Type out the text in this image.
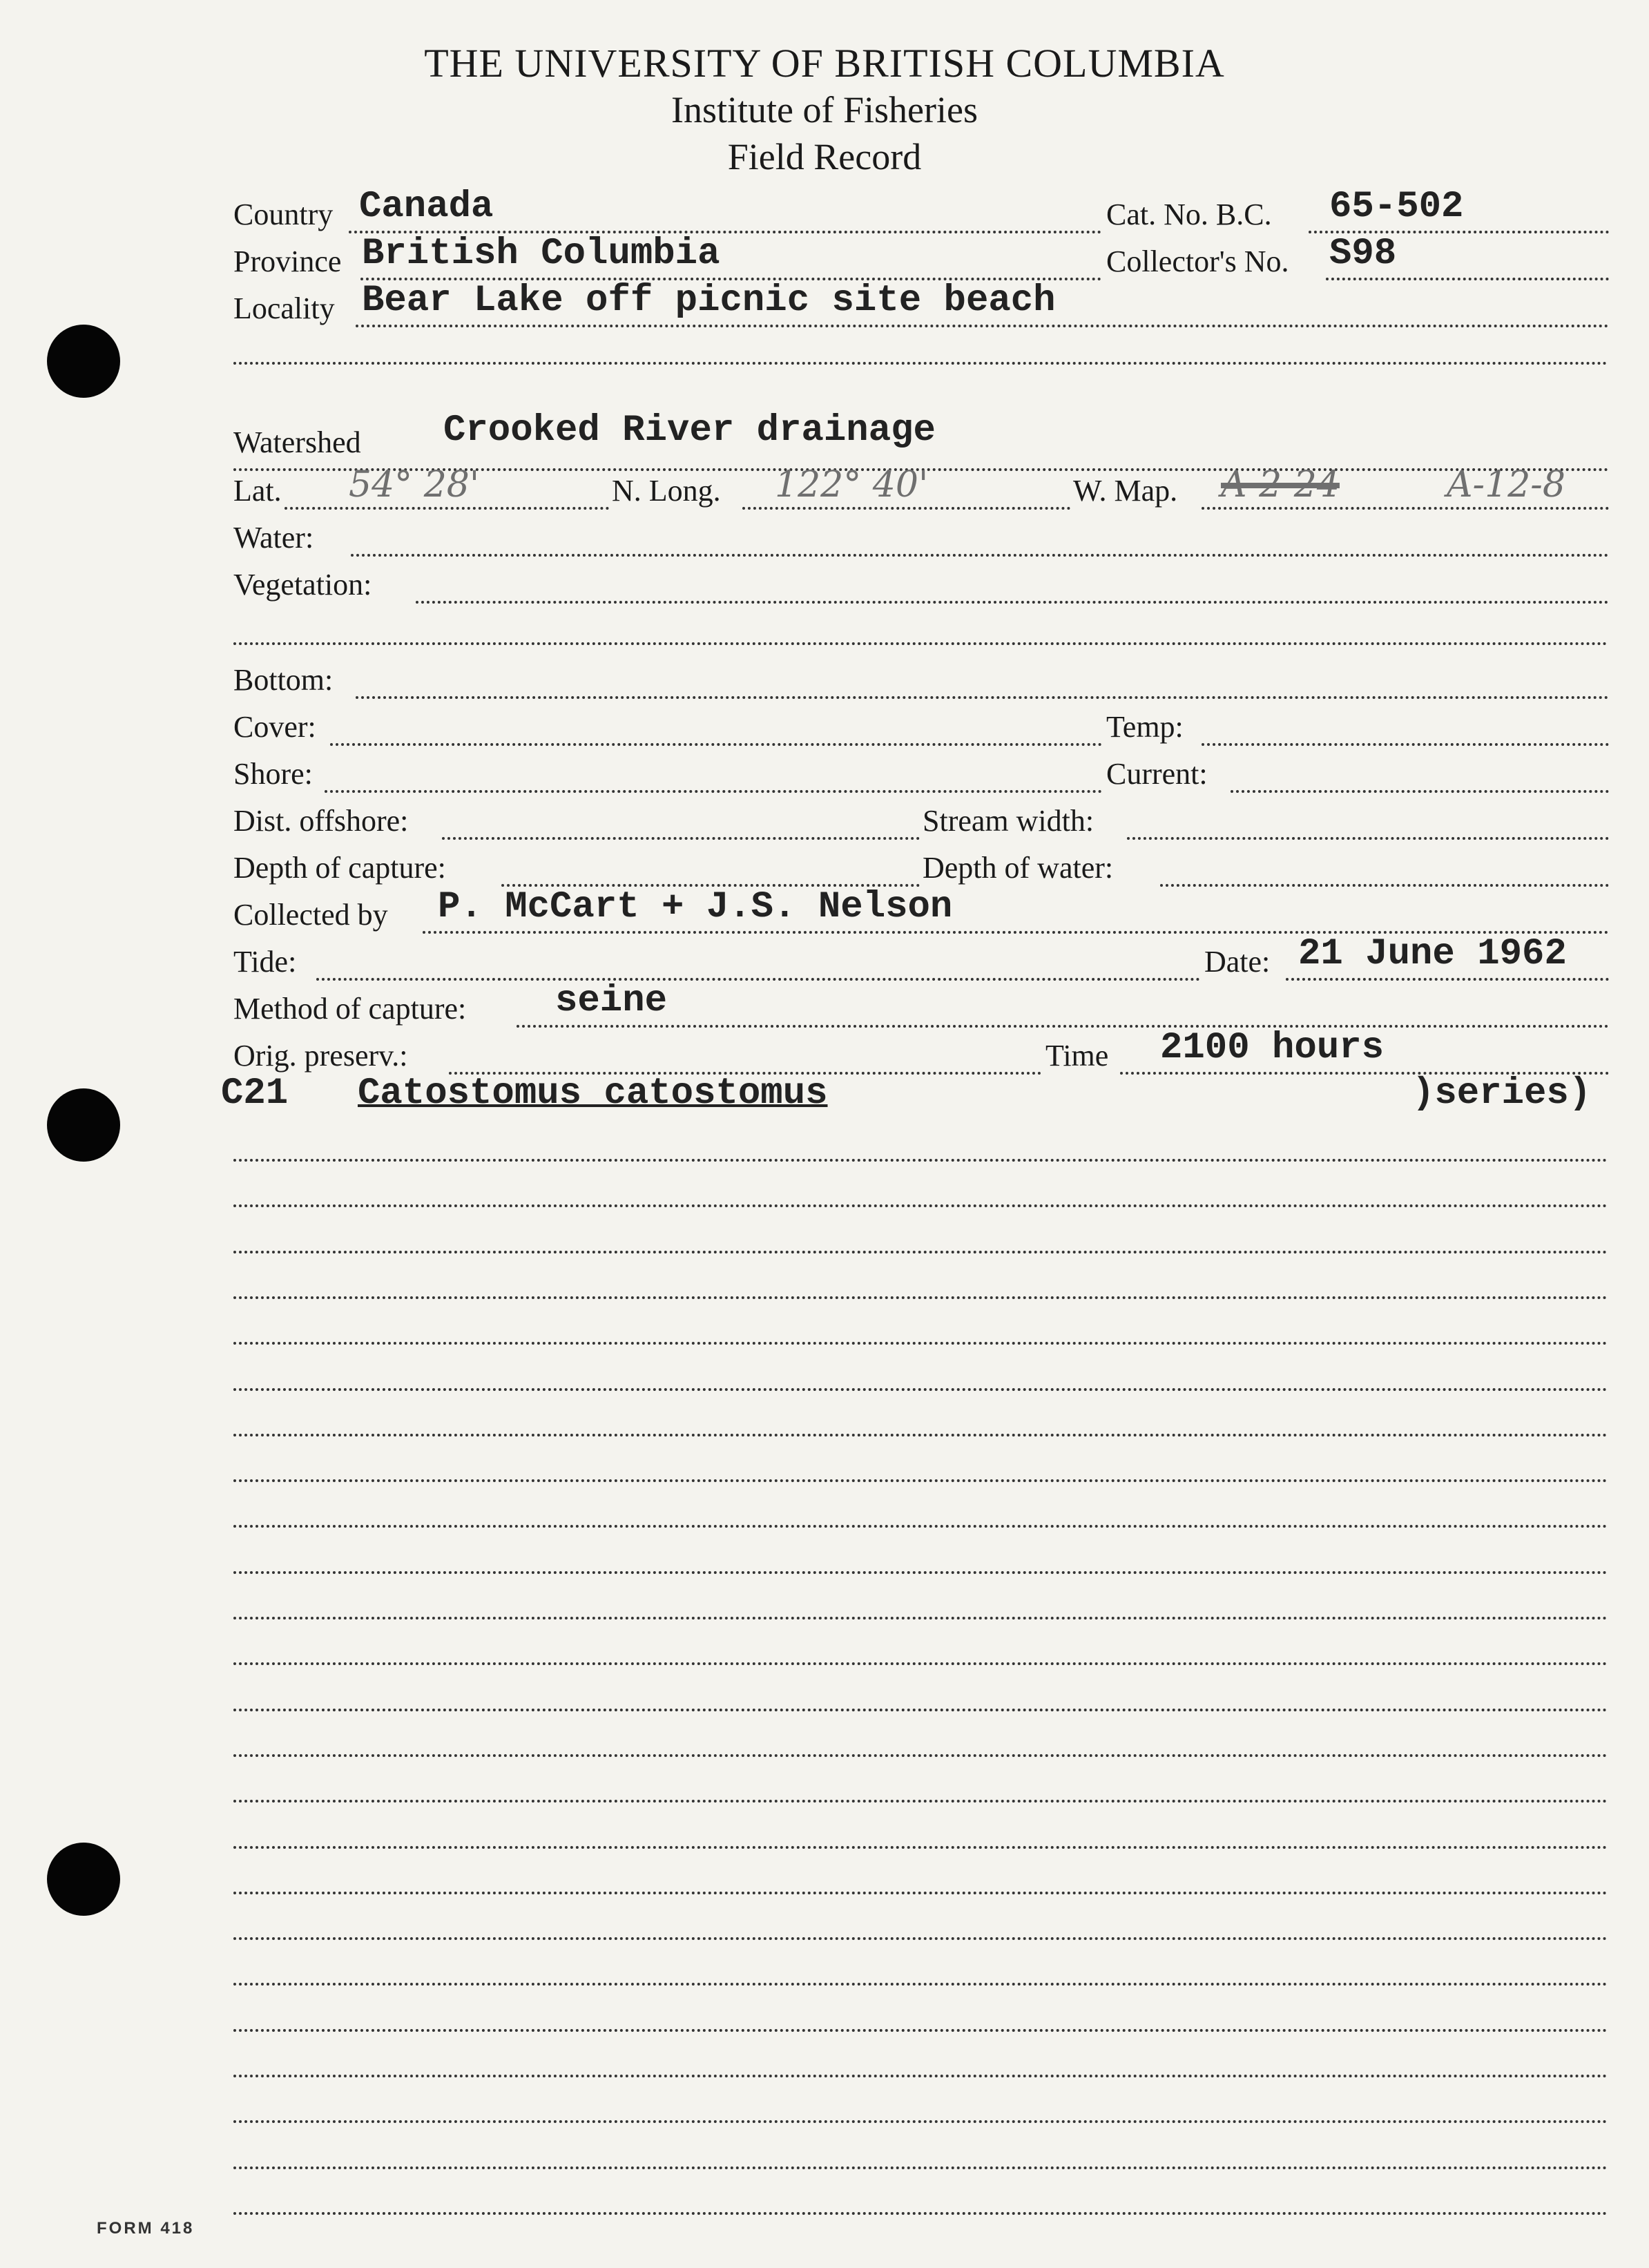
THE UNIVERSITY OF BRITISH COLUMBIA
Institute of Fisheries
Field Record
Country Canada	Cat. No. B.C. 65-502
Province British Columbia	Collector's No. S98
Locality Bear Lake off picnic site beach
Watershed Crooked River drainage
Lat. 54° 28'	N. Long. 122° 40'	W. Map. A-2-24	A-12-8
Water:
Vegetation:
Bottom:
Cover:	Temp:
Shore:	Current:
Dist. offshore:	Stream width:
Depth of capture:	Depth of water:
Collected by P. McCart + J.S. Nelson
Tide:	Date: 21 June 1962
Method of capture: seine
Orig. preserv.:	Time 2100 hours
C21 Catostomus catostomus	)series)
FORM 418
